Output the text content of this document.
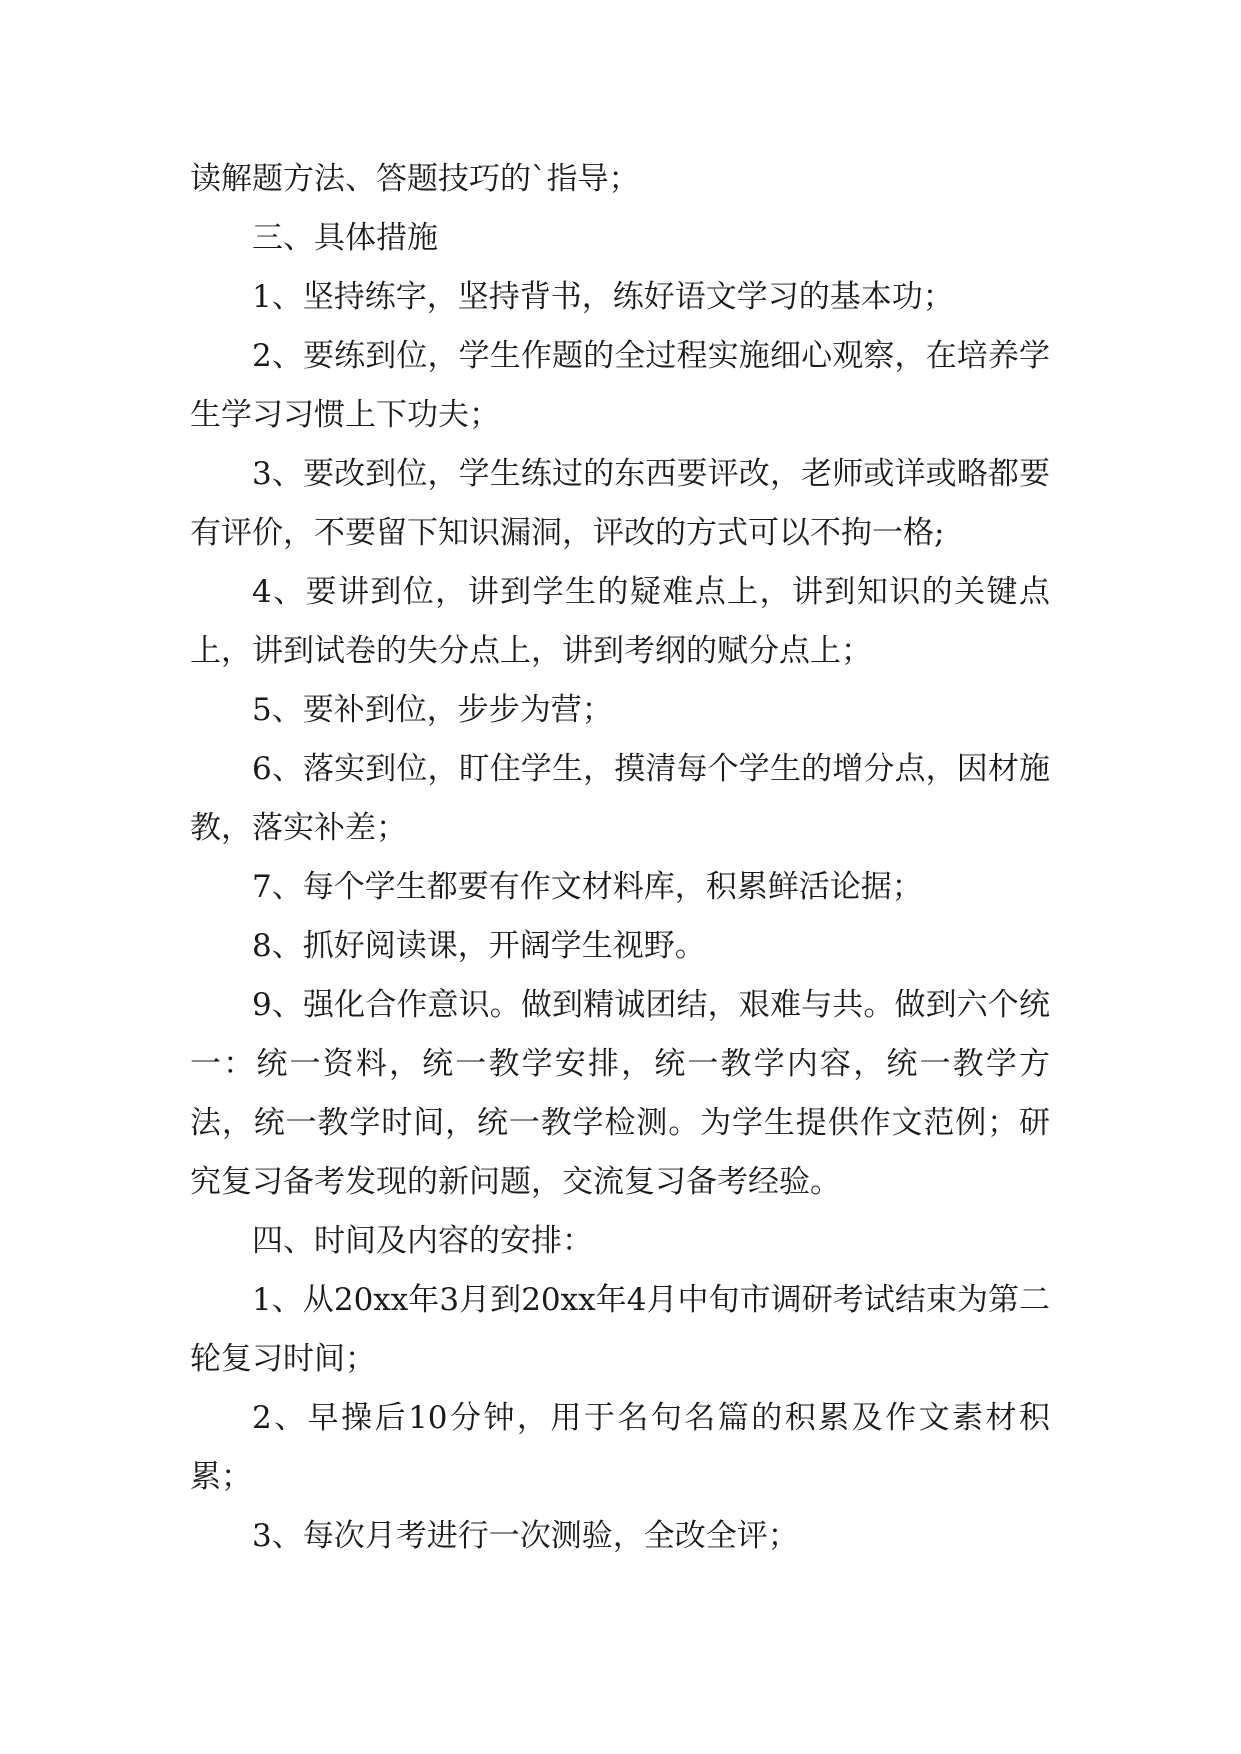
读解题方法、答题技巧的`指导；

三、具体措施

1、坚持练字，坚持背书，练好语文学习的基本功；

2、要练到位，学生作题的全过程实施细心观察，在培养学生学习习惯上下功夫；

3、要改到位，学生练过的东西要评改，老师或详或略都要有评价，不要留下知识漏洞，评改的方式可以不拘一格;

4、要讲到位，讲到学生的疑难点上，讲到知识的关键点上，讲到试卷的失分点上，讲到考纲的赋分点上；

5、要补到位，步步为营；

6、落实到位，盯住学生，摸清每个学生的增分点，因材施教，落实补差；

7、每个学生都要有作文材料库，积累鲜活论据；

8、抓好阅读课，开阔学生视野。

9、强化合作意识。做到精诚团结，艰难与共。做到六个统一：统一资料，统一教学安排，统一教学内容，统一教学方法，统一教学时间，统一教学检测。为学生提供作文范例；研究复习备考发现的新问题，交流复习备考经验。

四、时间及内容的安排：

1、从20xx年3月到20xx年4月中旬市调研考试结束为第二轮复习时间；

2、早操后10分钟，用于名句名篇的积累及作文素材积累；

3、每次月考进行一次测验，全改全评；
